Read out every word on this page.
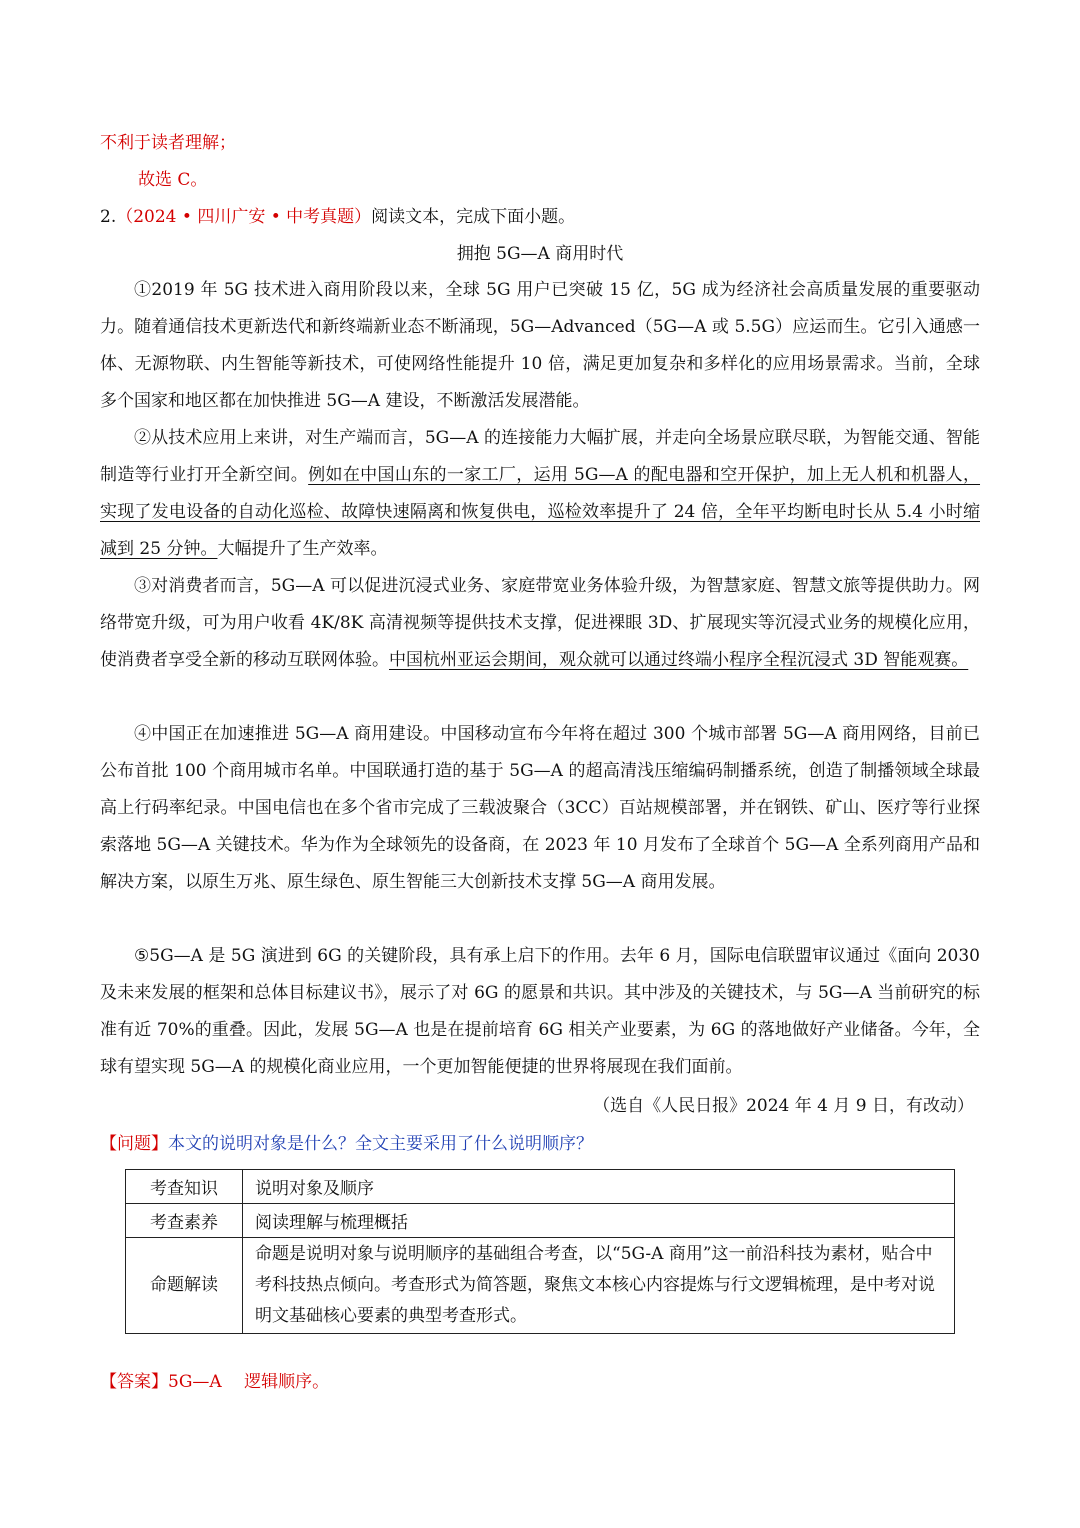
不利于读者理解；
故选 C。
2.（2024 • 四川广安 • 中考真题）阅读文本，完成下面小题。
拥抱 5G—A 商用时代
①2019 年 5G 技术进入商用阶段以来，全球 5G 用户已突破 15 亿，5G 成为经济社会高质量发展的重要驱动力。随着通信技术更新迭代和新终端新业态不断涌现，5G—Advanced（5G—A 或 5.5G）应运而生。它引入通感一体、无源物联、内生智能等新技术，可使网络性能提升 10 倍，满足更加复杂和多样化的应用场景需求。当前，全球多个国家和地区都在加快推进 5G—A 建设，不断激活发展潜能。
②从技术应用上来讲，对生产端而言，5G—A 的连接能力大幅扩展，并走向全场景应联尽联，为智能交通、智能制造等行业打开全新空间。例如在中国山东的一家工厂，运用 5G—A 的配电器和空开保护，加上无人机和机器人，实现了发电设备的自动化巡检、故障快速隔离和恢复供电，巡检效率提升了 24 倍，全年平均断电时长从 5.4 小时缩减到 25 分钟。大幅提升了生产效率。
③对消费者而言，5G—A 可以促进沉浸式业务、家庭带宽业务体验升级，为智慧家庭、智慧文旅等提供助力。网络带宽升级，可为用户收看 4K/8K 高清视频等提供技术支撑，促进裸眼 3D、扩展现实等沉浸式业务的规模化应用，使消费者享受全新的移动互联网体验。中国杭州亚运会期间，观众就可以通过终端小程序全程沉浸式 3D 智能观赛。
④中国正在加速推进 5G—A 商用建设。中国移动宣布今年将在超过 300 个城市部署 5G—A 商用网络，目前已公布首批 100 个商用城市名单。中国联通打造的基于 5G—A 的超高清浅压缩编码制播系统，创造了制播领域全球最高上行码率纪录。中国电信也在多个省市完成了三载波聚合（3CC）百站规模部署，并在钢铁、矿山、医疗等行业探索落地 5G—A 关键技术。华为作为全球领先的设备商，在 2023 年 10 月发布了全球首个 5G—A 全系列商用产品和解决方案，以原生万兆、原生绿色、原生智能三大创新技术支撑 5G—A 商用发展。
⑤5G—A 是 5G 演进到 6G 的关键阶段，具有承上启下的作用。去年 6 月，国际电信联盟审议通过《面向 2030 及未来发展的框架和总体目标建议书》，展示了对 6G 的愿景和共识。其中涉及的关键技术，与 5G—A 当前研究的标准有近 70%的重叠。因此，发展 5G—A 也是在提前培育 6G 相关产业要素，为 6G 的落地做好产业储备。今年，全球有望实现 5G—A 的规模化商业应用，一个更加智能便捷的世界将展现在我们面前。
（选自《人民日报》2024 年 4 月 9 日，有改动）
【问题】本文的说明对象是什么？全文主要采用了什么说明顺序？
考查知识	说明对象及顺序
考查素养	阅读理解与梳理概括
命题解读	命题是说明对象与说明顺序的基础组合考查，以“5G-A 商用”这一前沿科技为素材，贴合中考科技热点倾向。考查形式为简答题，聚焦文本核心内容提炼与行文逻辑梳理，是中考对说明文基础核心要素的典型考查形式。
【答案】5G—A　 逻辑顺序。
